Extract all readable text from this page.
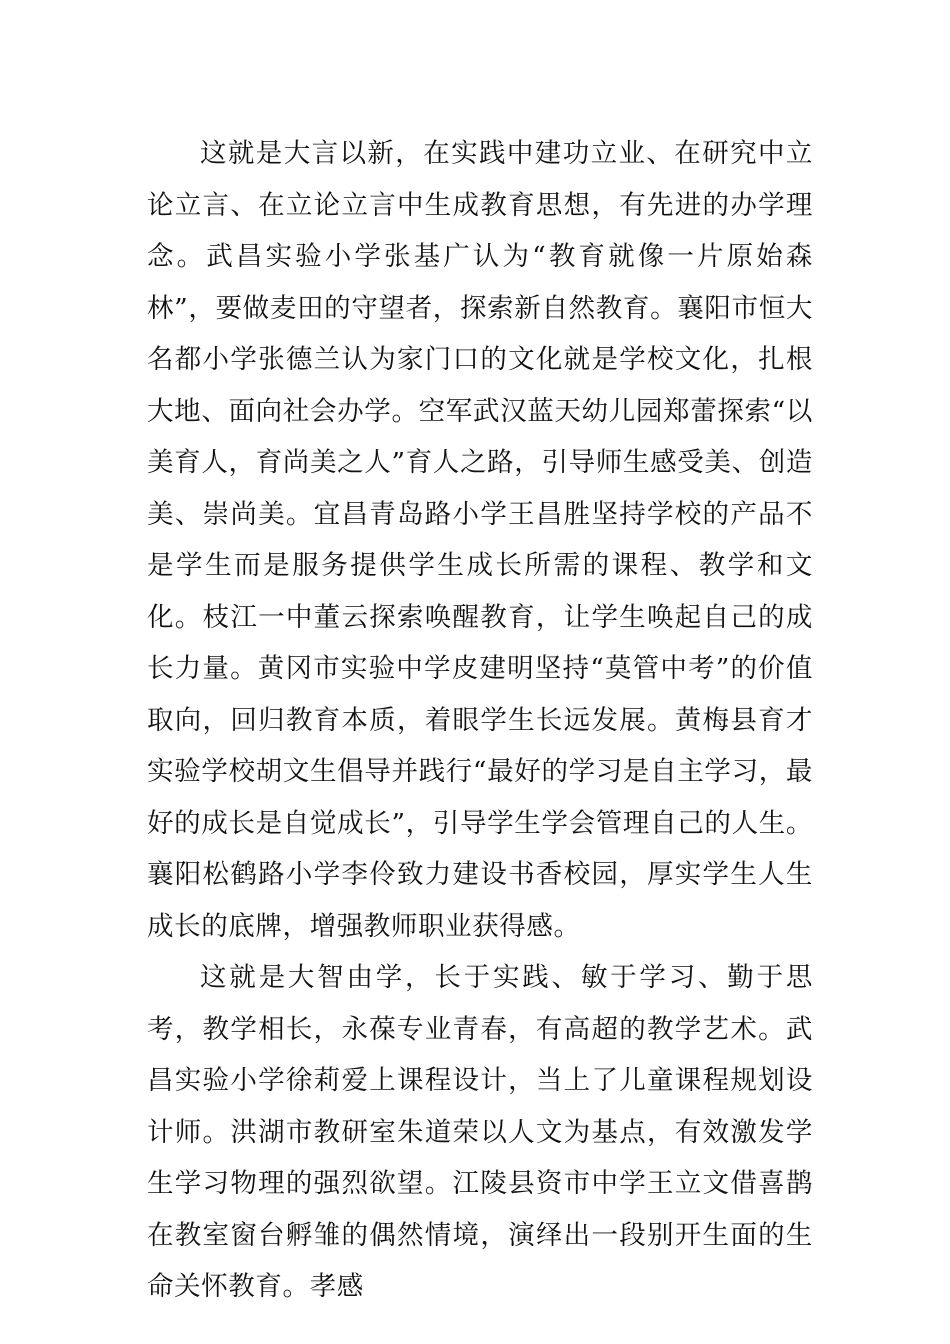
这就是大言以新，在实践中建功立业、在研究中立论立言、在立论立言中生成教育思想，有先进的办学理念。武昌实验小学张基广认为“教育就像一片原始森林”，要做麦田的守望者，探索新自然教育。襄阳市恒大名都小学张德兰认为家门口的文化就是学校文化，扎根大地、面向社会办学。空军武汉蓝天幼儿园郑蕾探索“以美育人，育尚美之人”育人之路，引导师生感受美、创造美、崇尚美。宜昌青岛路小学王昌胜坚持学校的产品不是学生而是服务提供学生成长所需的课程、教学和文化。枝江一中董云探索唤醒教育，让学生唤起自己的成长力量。黄冈市实验中学皮建明坚持“莫管中考”的价值取向，回归教育本质，着眼学生长远发展。黄梅县育才实验学校胡文生倡导并践行“最好的学习是自主学习，最好的成长是自觉成长”，引导学生学会管理自己的人生。襄阳松鹤路小学李伶致力建设书香校园，厚实学生人生成长的底牌，增强教师职业获得感。

这就是大智由学，长于实践、敏于学习、勤于思考，教学相长，永葆专业青春，有高超的教学艺术。武昌实验小学徐莉爱上课程设计，当上了儿童课程规划设计师。洪湖市教研室朱道荣以人文为基点，有效激发学生学习物理的强烈欲望。江陵县资市中学王立文借喜鹊在教室窗台孵雏的偶然情境，演绎出一段别开生面的生命关怀教育。孝感
